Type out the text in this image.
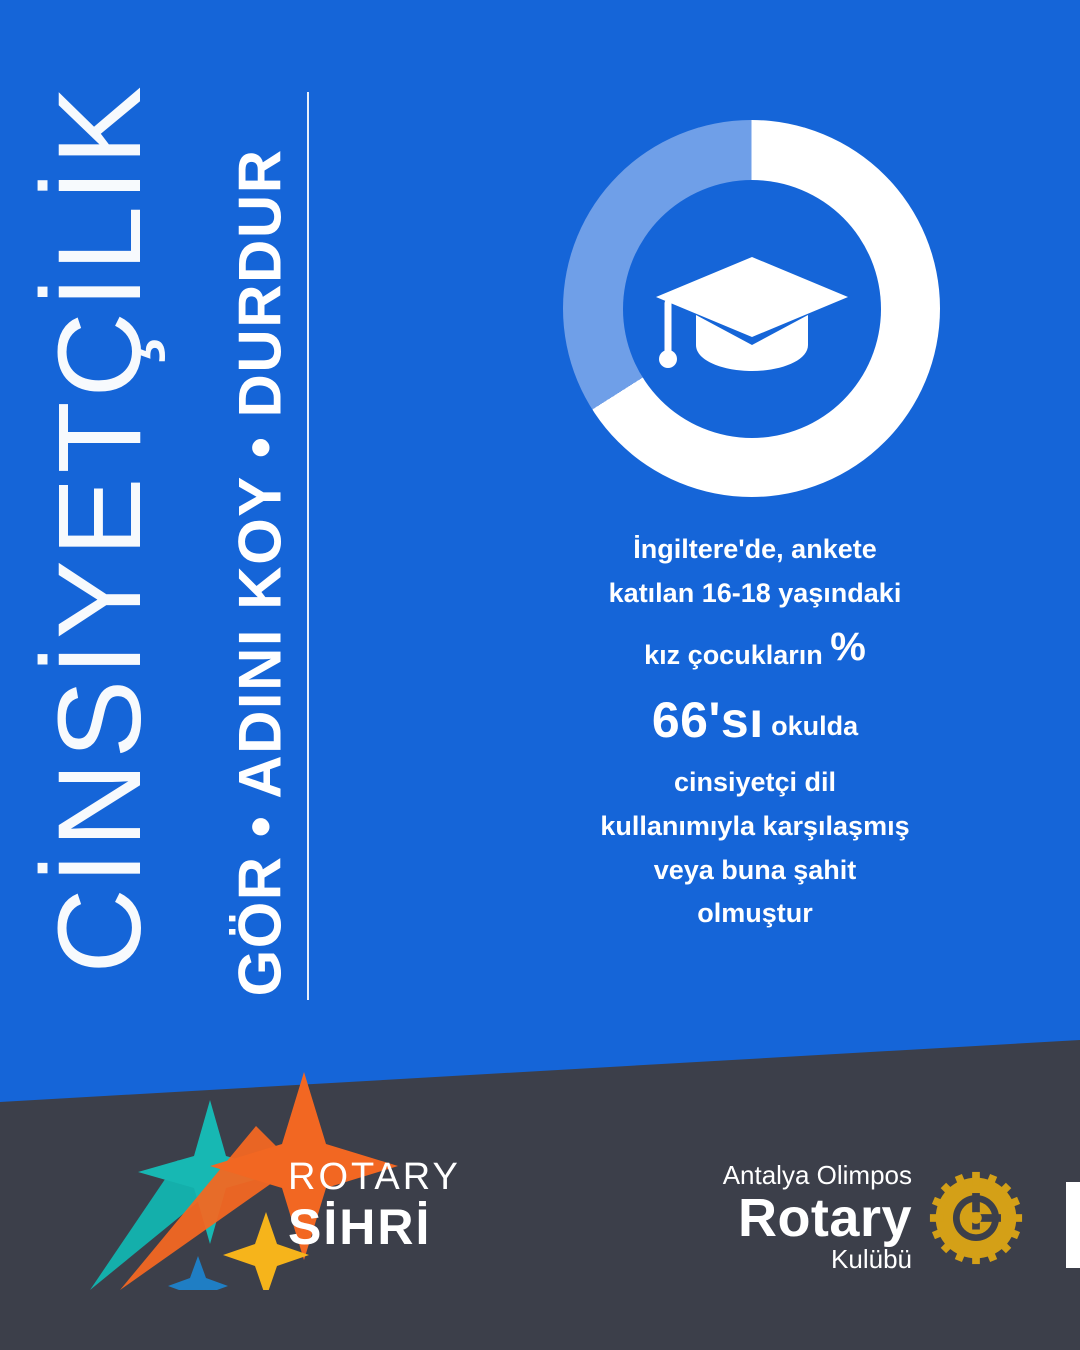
CİNSİYETÇİLİK GÖR • ADINI KOY • DURDUR	İngiltere'de, ankete
katılan 16-18 yaşındaki
kız çocukların %
66'sı okulda
cinsiyetçi dil
kullanımıyla karşılaşmış
veya buna şahit
olmuştur
ROTARY
SİHRİ
Antalya Olimpos
Rotary
Kulübü
